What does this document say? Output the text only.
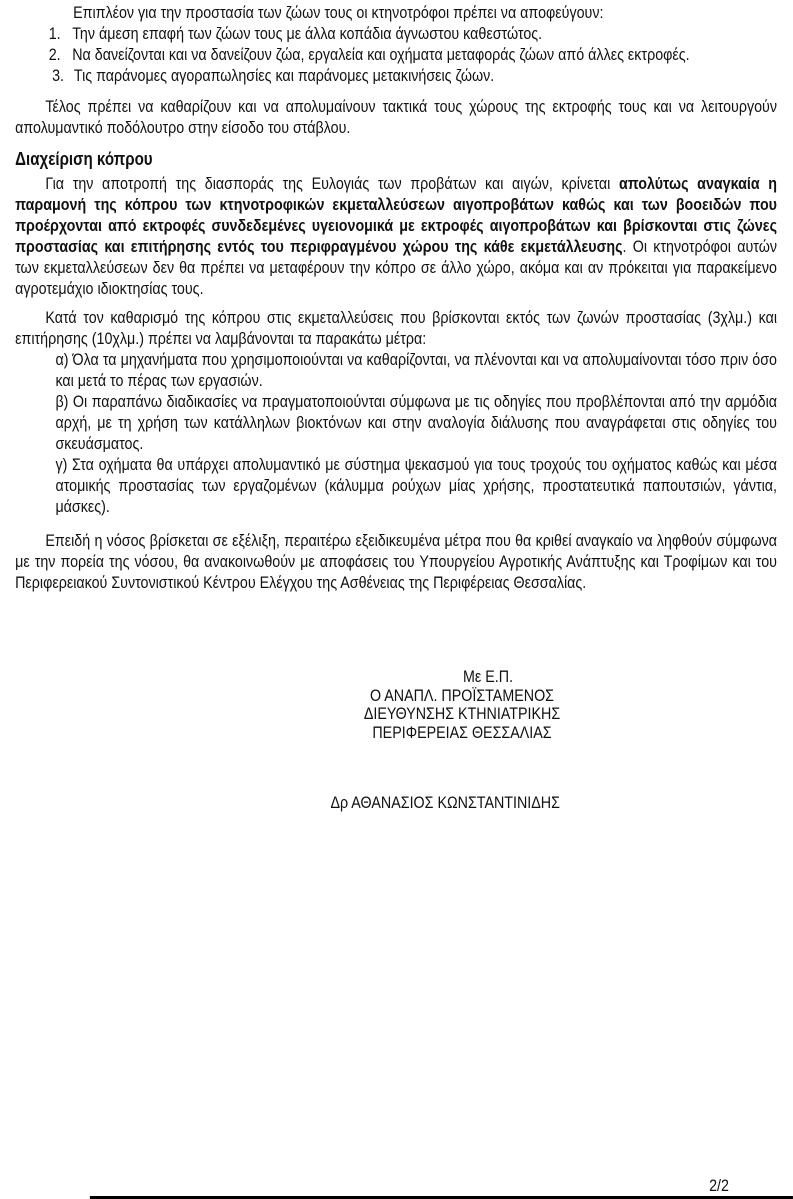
Επιπλέον για την προστασία των ζώων τους οι κτηνοτρόφοι πρέπει να αποφεύγουν:

1. Την άμεση επαφή των ζώων τους με άλλα κοπάδια άγνωστου καθεστώτος.
2. Να δανείζονται και να δανείζουν ζώα, εργαλεία και οχήματα μεταφοράς ζώων από άλλες εκτροφές.
3. Τις παράνομες αγοραπωλησίες και παράνομες μετακινήσεις ζώων.

Τέλος πρέπει να καθαρίζουν και να απολυμαίνουν τακτικά τους χώρους της εκτροφής τους και να λειτουργούν απολυμαντικό ποδόλουτρο στην είσοδο του στάβλου.

Διαχείριση κόπρου

Για την αποτροπή της διασποράς της Ευλογιάς των προβάτων και αιγών, κρίνεται απολύτως αναγκαία η παραμονή της κόπρου των κτηνοτροφικών εκμεταλλεύσεων αιγοπροβάτων καθώς και των βοοειδών που προέρχονται από εκτροφές συνδεδεμένες υγειονομικά με εκτροφές αιγοπροβάτων και βρίσκονται στις ζώνες προστασίας και επιτήρησης εντός του περιφραγμένου χώρου της κάθε εκμετάλλευσης. Οι κτηνοτρόφοι αυτών των εκμεταλλεύσεων δεν θα πρέπει να μεταφέρουν την κόπρο σε άλλο χώρο, ακόμα και αν πρόκειται για παρακείμενο αγροτεμάχιο ιδιοκτησίας τους.

Κατά τον καθαρισμό της κόπρου στις εκμεταλλεύσεις που βρίσκονται εκτός των ζωνών προστασίας (3χλμ.) και επιτήρησης (10χλμ.) πρέπει να λαμβάνονται τα παρακάτω μέτρα:

α) Όλα τα μηχανήματα που χρησιμοποιούνται να καθαρίζονται, να πλένονται και να απολυμαίνονται τόσο πριν όσο και μετά το πέρας των εργασιών.

β) Οι παραπάνω διαδικασίες να πραγματοποιούνται σύμφωνα με τις οδηγίες που προβλέπονται από την αρμόδια αρχή, με τη χρήση των κατάλληλων βιοκτόνων και στην αναλογία διάλυσης που αναγράφεται στις οδηγίες του σκευάσματος.

γ) Στα οχήματα θα υπάρχει απολυμαντικό με σύστημα ψεκασμού για τους τροχούς του οχήματος καθώς και μέσα ατομικής προστασίας των εργαζομένων (κάλυμμα ρούχων μίας χρήσης, προστατευτικά παπουτσιών, γάντια, μάσκες).

Επειδή η νόσος βρίσκεται σε εξέλιξη, περαιτέρω εξειδικευμένα μέτρα που θα κριθεί αναγκαίο να ληφθούν σύμφωνα με την πορεία της νόσου, θα ανακοινωθούν με αποφάσεις του Υπουργείου Αγροτικής Ανάπτυξης και Τροφίμων και του Περιφερειακού Συντονιστικού Κέντρου Ελέγχου της Ασθένειας της Περιφέρειας Θεσσαλίας.

Με Ε.Π.
Ο ΑΝΑΠΛ. ΠΡΟΪΣΤΑΜΕΝΟΣ
ΔΙΕΥΘΥΝΣΗΣ ΚΤΗΝΙΑΤΡΙΚΗΣ
ΠΕΡΙΦΕΡΕΙΑΣ ΘΕΣΣΑΛΙΑΣ
Δρ ΑΘΑΝΑΣΙΟΣ ΚΩΝΣΤΑΝΤΙΝΙΔΗΣ
2/2
